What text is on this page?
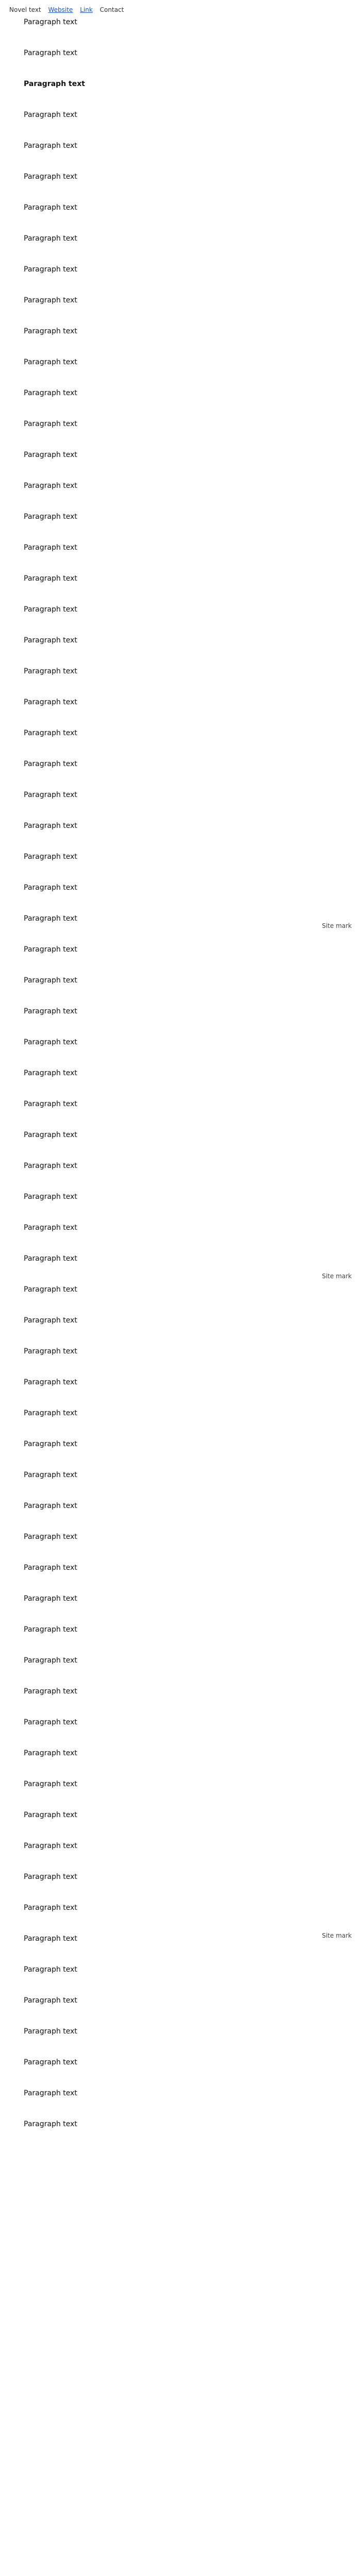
Novel text Website Link Contact

Paragraph text

Paragraph text

Paragraph text

Paragraph text

Paragraph text

Paragraph text

Paragraph text

Paragraph text

Paragraph text

Paragraph text

Paragraph text

Paragraph text

Paragraph text

Paragraph text

Paragraph text

Paragraph text

Paragraph text

Paragraph text

Paragraph text

Paragraph text

Paragraph text

Paragraph text

Paragraph text

Paragraph text

Paragraph text

Paragraph text

Paragraph text

Paragraph text

Paragraph text

Paragraph text

Paragraph text

Paragraph text

Paragraph text

Paragraph text

Paragraph text

Paragraph text

Paragraph text

Paragraph text

Paragraph text

Paragraph text

Paragraph text

Paragraph text

Paragraph text

Paragraph text

Paragraph text

Paragraph text

Paragraph text

Paragraph text

Paragraph text

Paragraph text

Paragraph text

Paragraph text

Paragraph text

Paragraph text

Paragraph text

Paragraph text

Paragraph text

Paragraph text

Paragraph text

Paragraph text

Paragraph text

Paragraph text

Paragraph text

Paragraph text

Paragraph text

Paragraph text

Paragraph text

Paragraph text

Paragraph text

Site mark
Site mark
Site mark
